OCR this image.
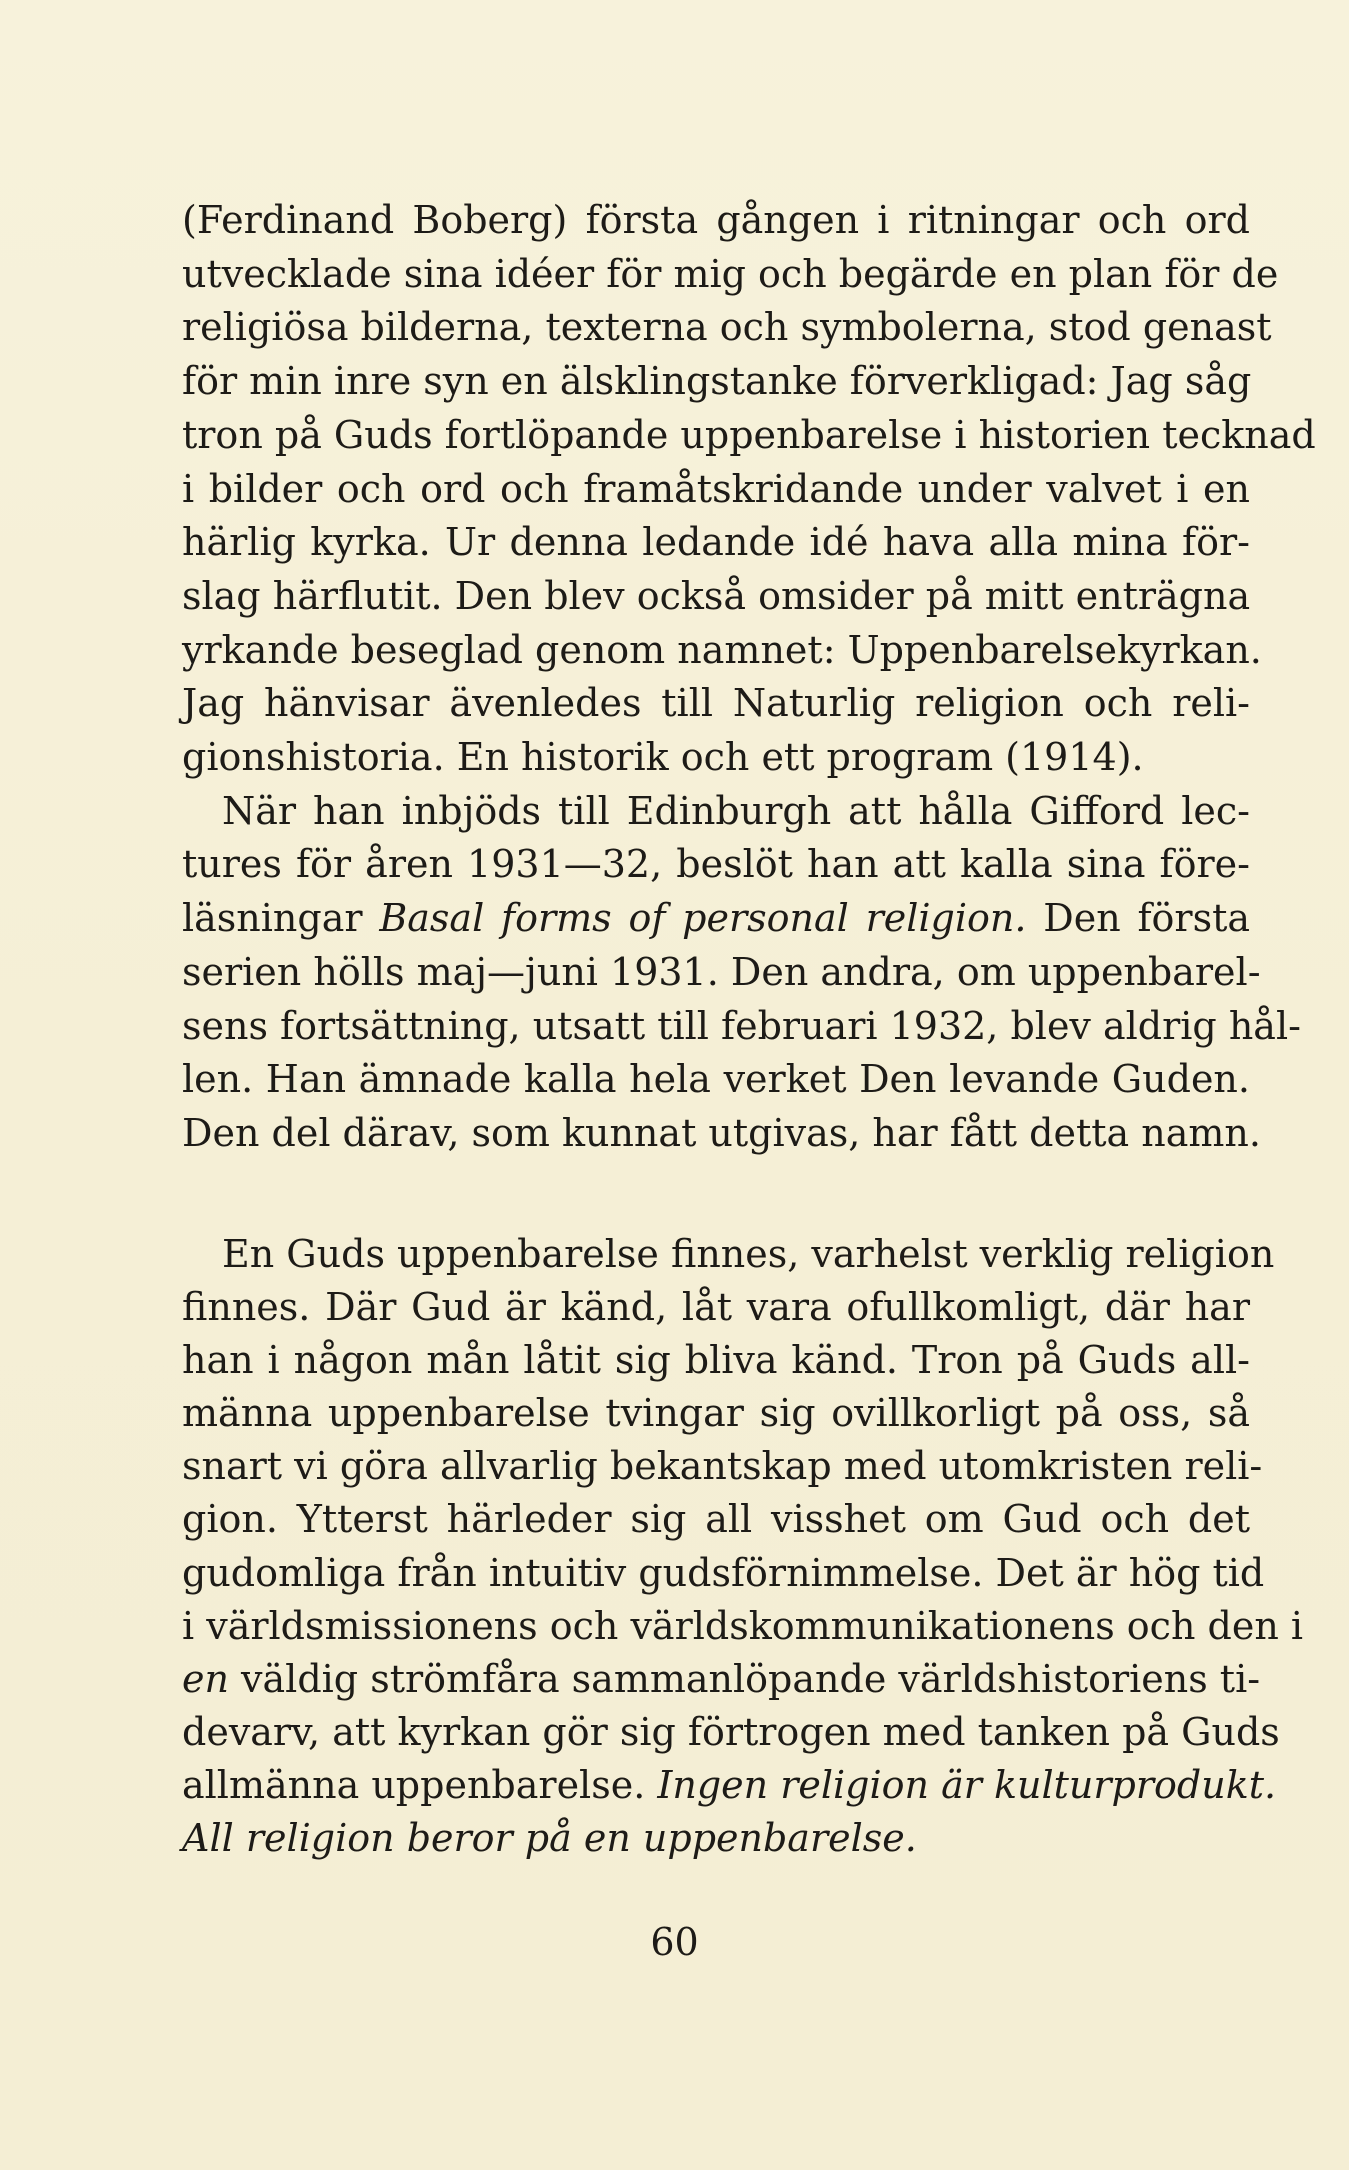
(Ferdinand Boberg) första gången i ritningar och ord
utvecklade sina idéer för mig och begärde en plan för de
religiösa bilderna, texterna och symbolerna, stod genast
för min inre syn en älsklingstanke förverkligad: Jag såg
tron på Guds fortlöpande uppenbarelse i historien tecknad
i bilder och ord och framåtskridande under valvet i en
härlig kyrka. Ur denna ledande idé hava alla mina för-
slag härflutit. Den blev också omsider på mitt enträgna
yrkande beseglad genom namnet: Uppenbarelsekyrkan.
Jag hänvisar ävenledes till Naturlig religion och reli-
gionshistoria. En historik och ett program (1914).
När han inbjöds till Edinburgh att hålla Gifford lec-
tures för åren 1931—32, beslöt han att kalla sina före-
läsningar Basal forms of personal religion. Den första
serien hölls maj—juni 1931. Den andra, om uppenbarel-
sens fortsättning, utsatt till februari 1932, blev aldrig hål-
len. Han ämnade kalla hela verket Den levande Guden.
Den del därav, som kunnat utgivas, har fått detta namn.
En Guds uppenbarelse finnes, varhelst verklig religion
finnes. Där Gud är känd, låt vara ofullkomligt, där har
han i någon mån låtit sig bliva känd. Tron på Guds all-
männa uppenbarelse tvingar sig ovillkorligt på oss, så
snart vi göra allvarlig bekantskap med utomkristen reli-
gion. Ytterst härleder sig all visshet om Gud och det
gudomliga från intuitiv gudsförnimmelse. Det är hög tid
i världsmissionens och världskommunikationens och den i
en väldig strömfåra sammanlöpande världshistoriens ti-
devarv, att kyrkan gör sig förtrogen med tanken på Guds
allmänna uppenbarelse. Ingen religion är kulturprodukt.
All religion beror på en uppenbarelse.
60
